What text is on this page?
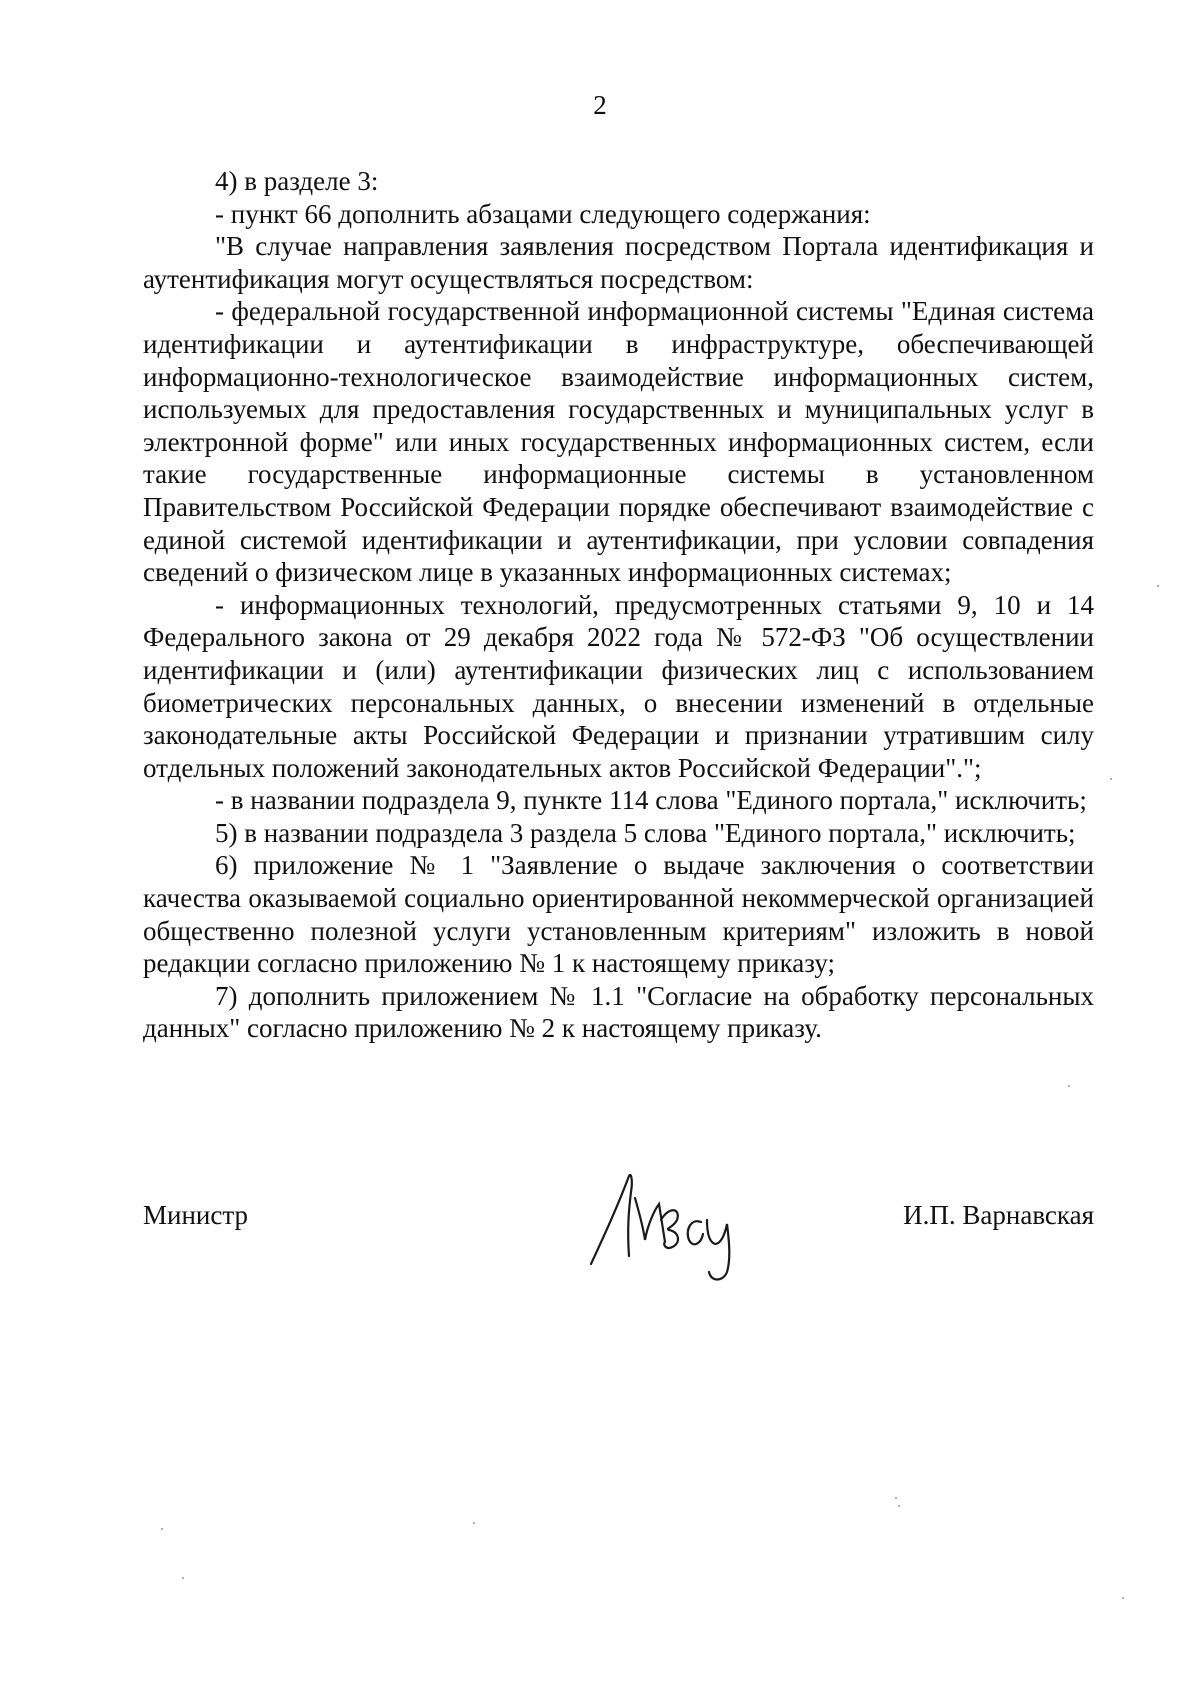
2

4) в разделе 3:

- пункт 66 дополнить абзацами следующего содержания:

"В случае направления заявления посредством Портала идентификация и аутентификация могут осуществляться посредством:

- федеральной государственной информационной системы "Единая система идентификации и аутентификации в инфраструктуре, обеспечивающей информационно-технологическое взаимодействие информационных систем, используемых для предоставления государственных и муниципальных услуг в электронной форме" или иных государственных информационных систем, если такие государственные информационные системы в установленном Правительством Российской Федерации порядке обеспечивают взаимодействие с единой системой идентификации и аутентификации, при условии совпадения сведений о физическом лице в указанных информационных системах;

- информационных технологий, предусмотренных статьями 9, 10 и 14 Федерального закона от 29 декабря 2022 года № 572-ФЗ "Об осуществлении идентификации и (или) аутентификации физических лиц с использованием биометрических персональных данных, о внесении изменений в отдельные законодательные акты Российской Федерации и признании утратившим силу отдельных положений законодательных актов Российской Федерации".";

- в названии подраздела 9, пункте 114 слова "Единого портала," исключить;

5) в названии подраздела 3 раздела 5 слова "Единого портала," исключить;

6) приложение № 1 "Заявление о выдаче заключения о соответствии качества оказываемой социально ориентированной некоммерческой организацией общественно полезной услуги установленным критериям" изложить в новой редакции согласно приложению № 1 к настоящему приказу;

7) дополнить приложением № 1.1 "Согласие на обработку персональных данных" согласно приложению № 2 к настоящему приказу.

Министр	И.П. Варнавская
